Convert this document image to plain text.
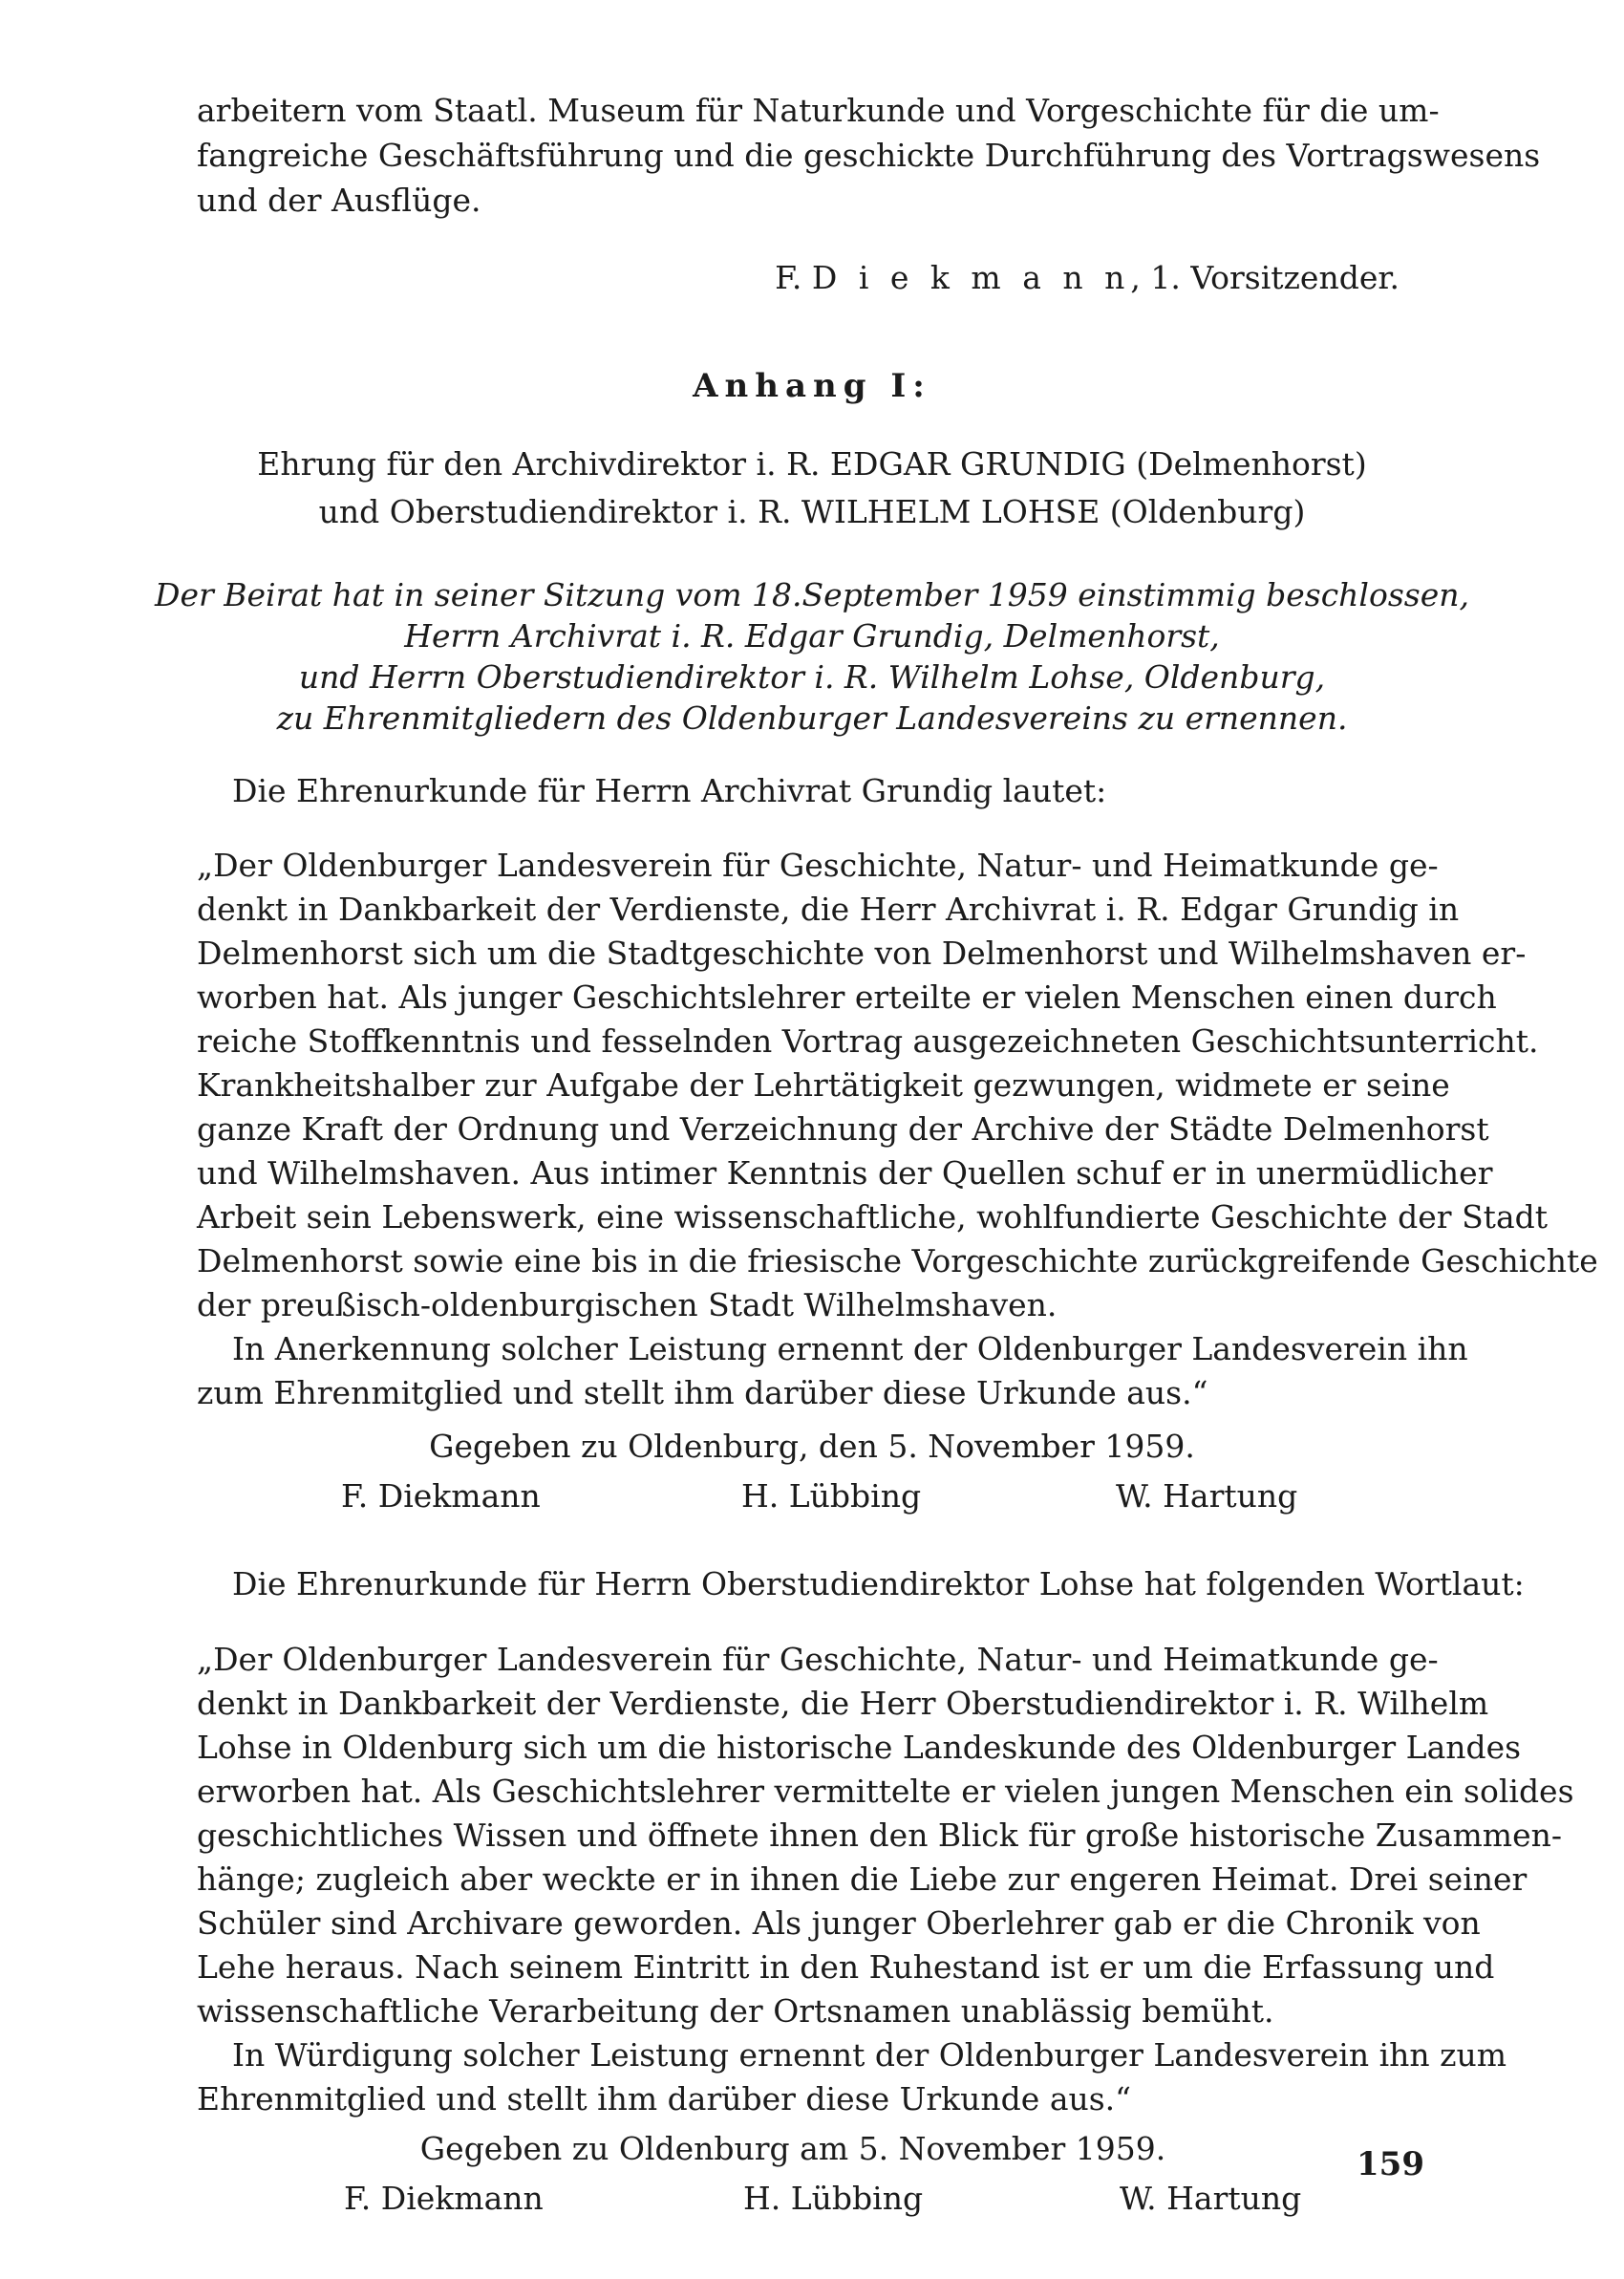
arbeitern vom Staatl. Museum für Naturkunde und Vorgeschichte für die um-

fangreiche Geschäftsführung und die geschickte Durchführung des Vortragswesens

und der Ausflüge.

F. D i e k m a n n, 1. Vorsitzender.

Anhang I:

Ehrung für den Archivdirektor i. R. EDGAR GRUNDIG (Delmenhorst)

und Oberstudiendirektor i. R. WILHELM LOHSE (Oldenburg)

Der Beirat hat in seiner Sitzung vom 18.September 1959 einstimmig beschlossen,

Herrn Archivrat i. R. Edgar Grundig, Delmenhorst,

und Herrn Oberstudiendirektor i. R. Wilhelm Lohse, Oldenburg,

zu Ehrenmitgliedern des Oldenburger Landesvereins zu ernennen.

Die Ehrenurkunde für Herrn Archivrat Grundig lautet:

„Der Oldenburger Landesverein für Geschichte, Natur- und Heimatkunde ge-

denkt in Dankbarkeit der Verdienste, die Herr Archivrat i. R. Edgar Grundig in

Delmenhorst sich um die Stadtgeschichte von Delmenhorst und Wilhelmshaven er-

worben hat. Als junger Geschichtslehrer erteilte er vielen Menschen einen durch

reiche Stoffkenntnis und fesselnden Vortrag ausgezeichneten Geschichtsunterricht.

Krankheitshalber zur Aufgabe der Lehrtätigkeit gezwungen, widmete er seine

ganze Kraft der Ordnung und Verzeichnung der Archive der Städte Delmenhorst

und Wilhelmshaven. Aus intimer Kenntnis der Quellen schuf er in unermüdlicher

Arbeit sein Lebenswerk, eine wissenschaftliche, wohlfundierte Geschichte der Stadt

Delmenhorst sowie eine bis in die friesische Vorgeschichte zurückgreifende Geschichte

der preußisch-oldenburgischen Stadt Wilhelmshaven.

In Anerkennung solcher Leistung ernennt der Oldenburger Landesverein ihn

zum Ehrenmitglied und stellt ihm darüber diese Urkunde aus.“

Gegeben zu Oldenburg, den 5. November 1959.

F. Diekmann	H. Lübbing	W. Hartung

Die Ehrenurkunde für Herrn Oberstudiendirektor Lohse hat folgenden Wortlaut:

„Der Oldenburger Landesverein für Geschichte, Natur- und Heimatkunde ge-

denkt in Dankbarkeit der Verdienste, die Herr Oberstudiendirektor i. R. Wilhelm

Lohse in Oldenburg sich um die historische Landeskunde des Oldenburger Landes

erworben hat. Als Geschichtslehrer vermittelte er vielen jungen Menschen ein solides

geschichtliches Wissen und öffnete ihnen den Blick für große historische Zusammen-

hänge; zugleich aber weckte er in ihnen die Liebe zur engeren Heimat. Drei seiner

Schüler sind Archivare geworden. Als junger Oberlehrer gab er die Chronik von

Lehe heraus. Nach seinem Eintritt in den Ruhestand ist er um die Erfassung und

wissenschaftliche Verarbeitung der Ortsnamen unablässig bemüht.

In Würdigung solcher Leistung ernennt der Oldenburger Landesverein ihn zum

Ehrenmitglied und stellt ihm darüber diese Urkunde aus.“

Gegeben zu Oldenburg am 5. November 1959.

F. Diekmann	H. Lübbing	W. Hartung
159
